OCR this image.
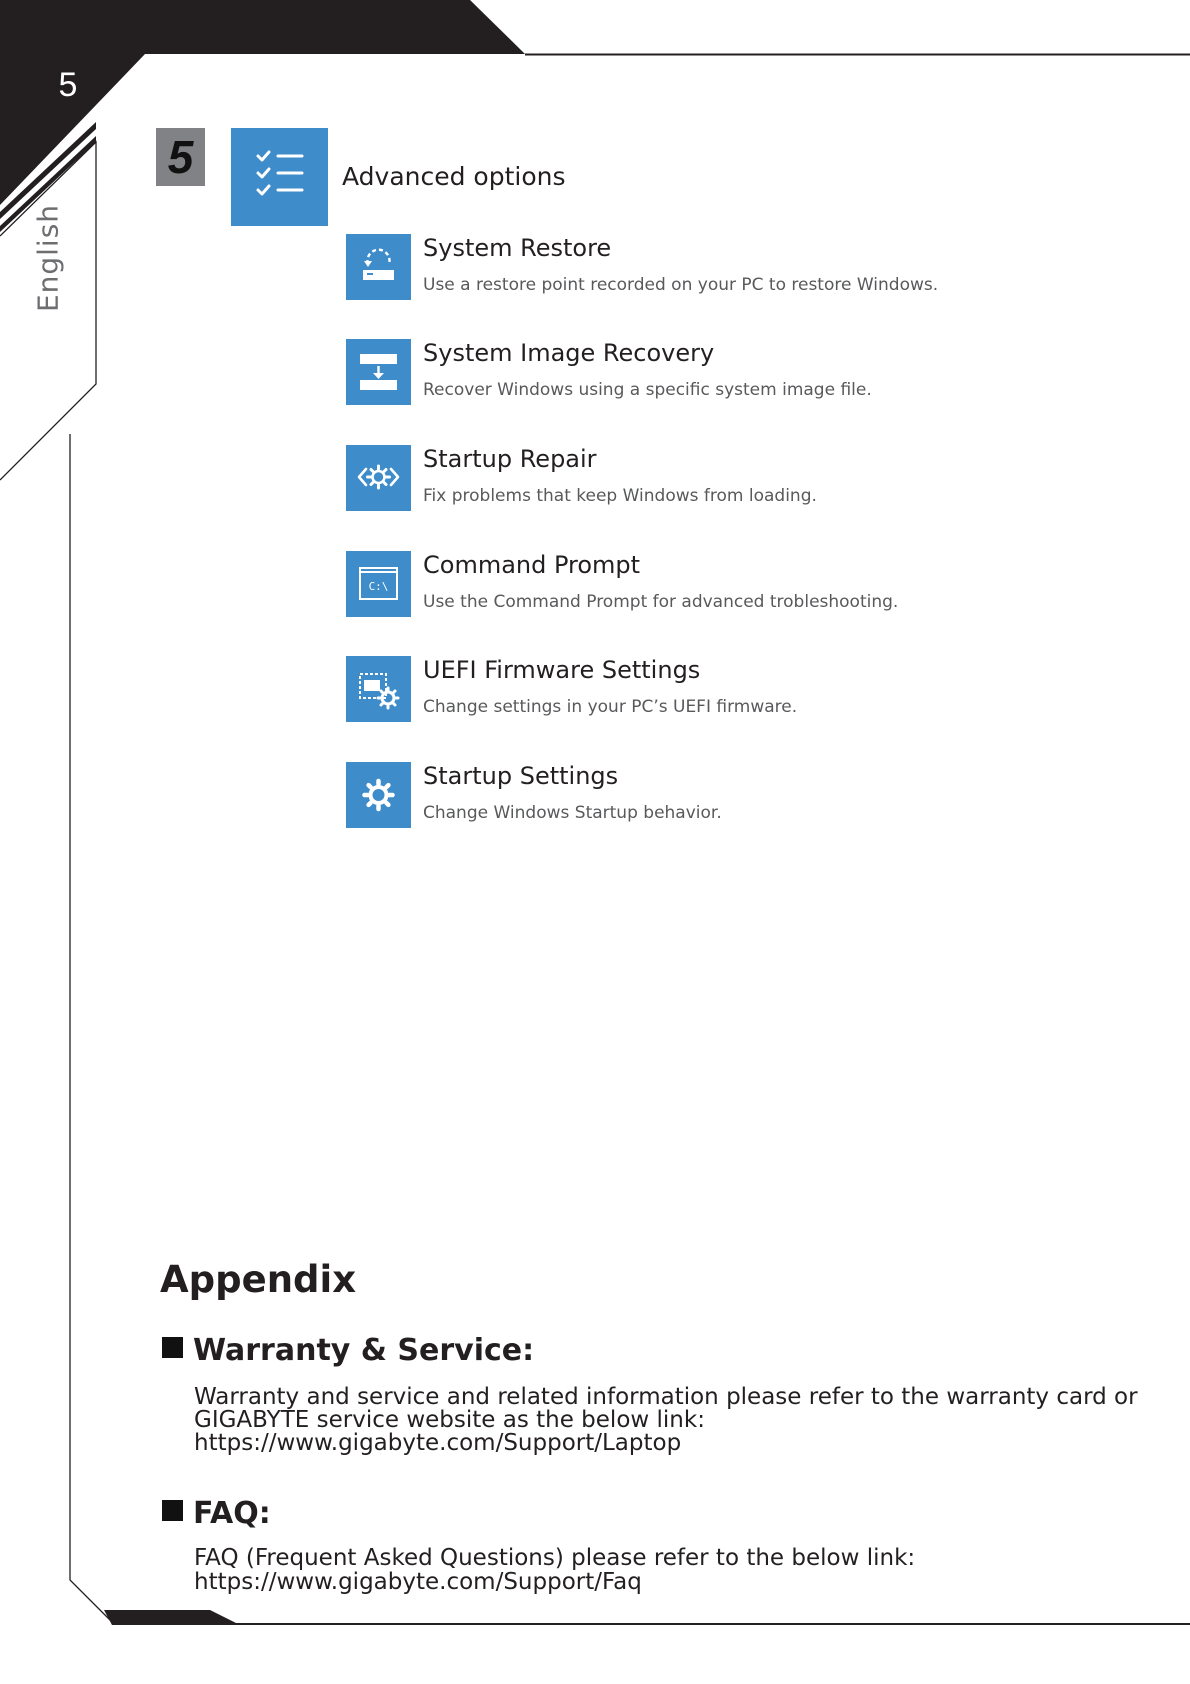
5
English
5	Advanced options
System Restore
Use a restore point recorded on your PC to restore Windows.
System Image Recovery
Recover Windows using a specific system image file.
Startup Repair
Fix problems that keep Windows from loading.
C:\
Command Prompt
Use the Command Prompt for advanced trobleshooting.
UEFI Firmware Settings
Change settings in your PC’s UEFI firmware.
Startup Settings
Change Windows Startup behavior.
Appendix
Warranty & Service:
Warranty and service and related information please refer to the warranty card or
GIGABYTE service website as the below link:
https://www.gigabyte.com/Support/Laptop
FAQ:
FAQ (Frequent Asked Questions) please refer to the below link:
https://www.gigabyte.com/Support/Faq
